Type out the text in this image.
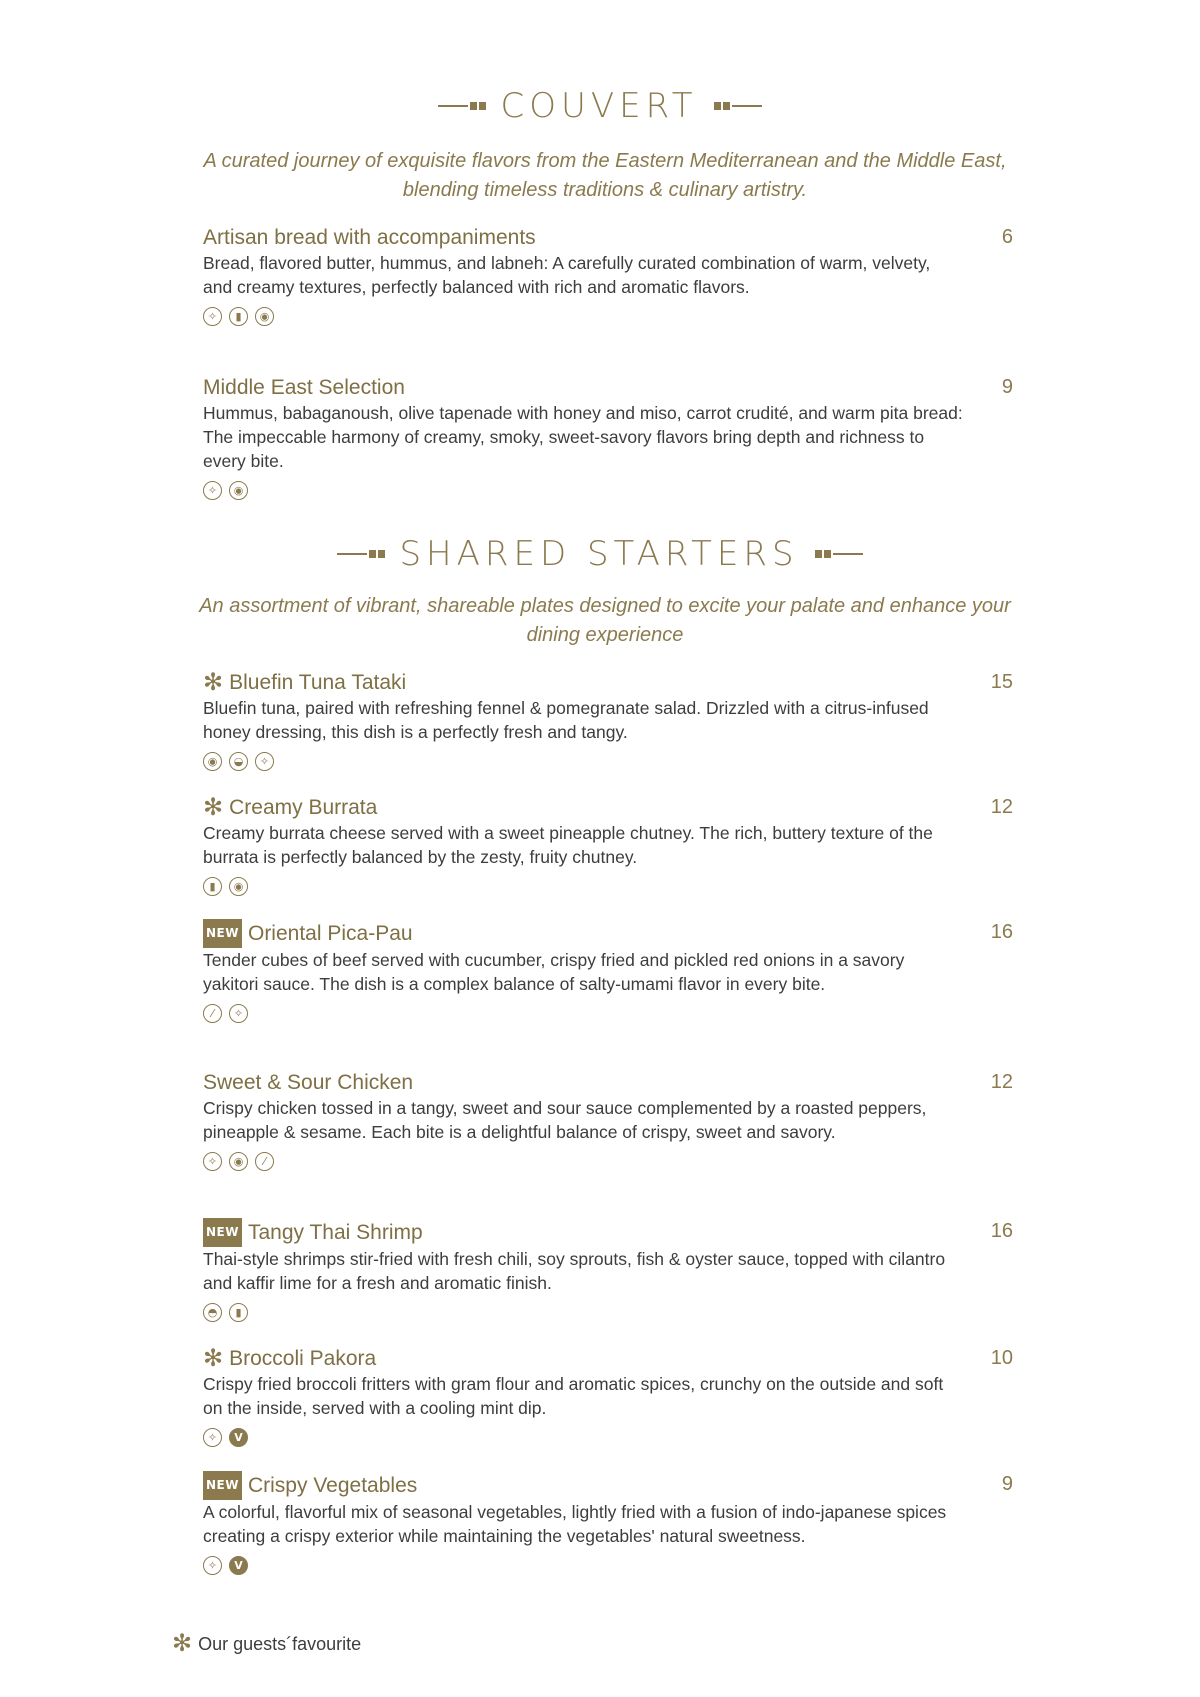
COUVERT
A curated journey of exquisite flavors from the Eastern Mediterranean and the Middle East, blending timeless traditions & culinary artistry.
SHARED STARTERS
An assortment of vibrant, shareable plates designed to excite your palate and enhance your dining experience
Artisan bread with accompaniments	6
Bread, flavored butter, hummus, and labneh: A carefully curated combination of warm, velvety, and creamy textures, perfectly balanced with rich and aromatic flavors.
✧	▮	◉
Middle East Selection	9
Hummus, babaganoush, olive tapenade with honey and miso, carrot crudité, and warm pita bread: The impeccable harmony of creamy, smoky, sweet-savory flavors bring depth and richness to every bite.
✧	◉
✻ Bluefin Tuna Tataki	15
Bluefin tuna, paired with refreshing fennel & pomegranate salad. Drizzled with a citrus-infused honey dressing, this dish is a perfectly fresh and tangy.
◉	◒	✧
✻ Creamy Burrata	12
Creamy burrata cheese served with a sweet pineapple chutney. The rich, buttery texture of the burrata is perfectly balanced by the zesty, fruity chutney.
▮	◉
NEW Oriental Pica-Pau	16
Tender cubes of beef served with cucumber, crispy fried and pickled red onions in a savory yakitori sauce. The dish is a complex balance of salty-umami flavor in every bite.
⁄	✧
Sweet & Sour Chicken	12
Crispy chicken tossed in a tangy, sweet and sour sauce complemented by a roasted peppers, pineapple & sesame. Each bite is a delightful balance of crispy, sweet and savory.
✧	◉	⁄
NEW Tangy Thai Shrimp	16
Thai-style shrimps stir-fried with fresh chili, soy sprouts, fish & oyster sauce, topped with cilantro and kaffir lime for a fresh and aromatic finish.
◓	▮
✻ Broccoli Pakora	10
Crispy fried broccoli fritters with gram flour and aromatic spices, crunchy on the outside and soft on the inside, served with a cooling mint dip.
✧	V
NEW Crispy Vegetables	9
A colorful, flavorful mix of seasonal vegetables, lightly fried with a fusion of indo-japanese spices creating a crispy exterior while maintaining the vegetables' natural sweetness.
✧	V
✻ Our guests´favourite
